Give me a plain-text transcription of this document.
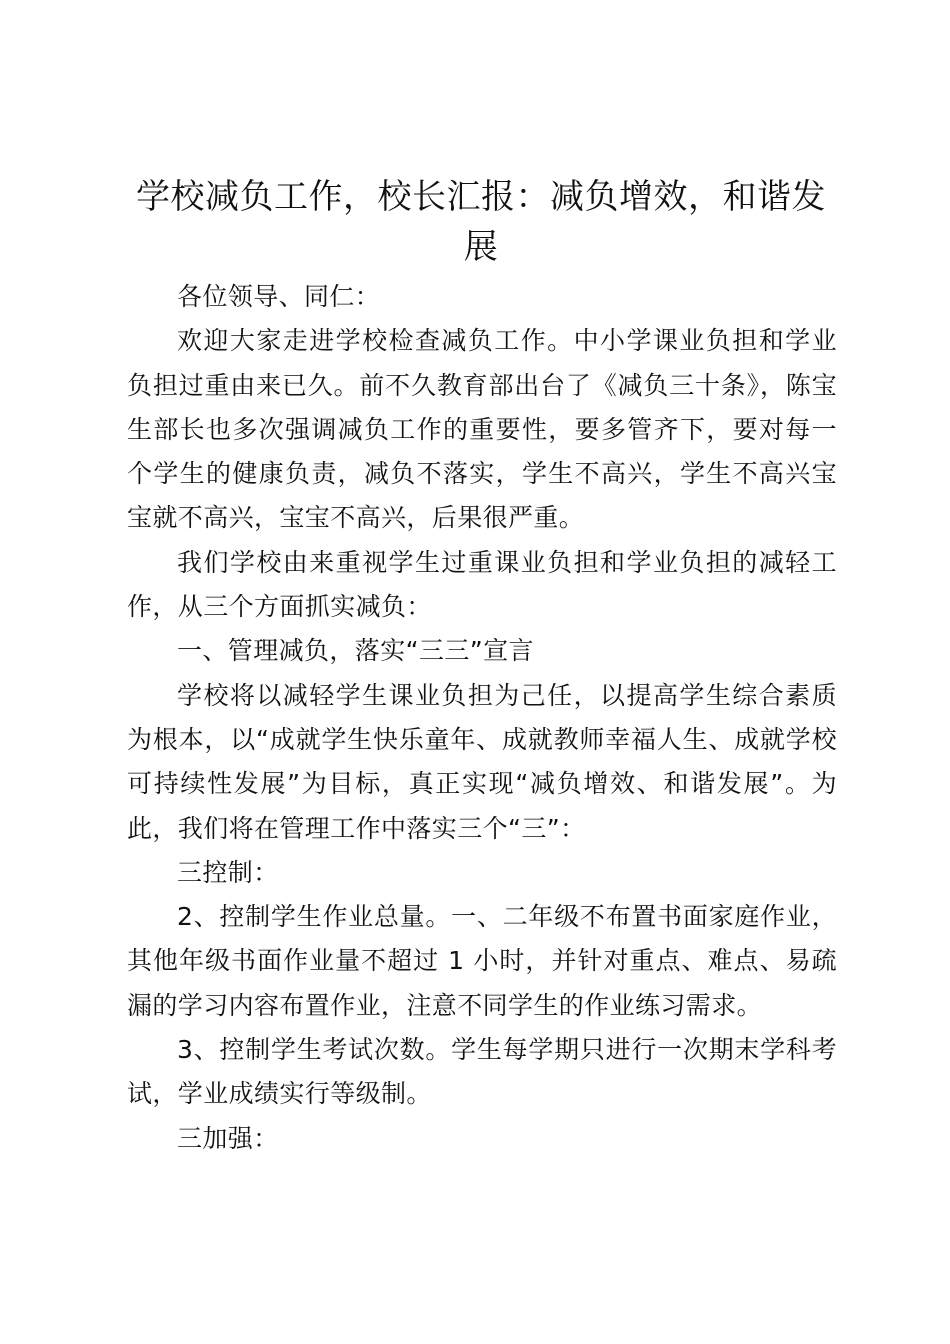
学校减负工作，校长汇报：减负增效，和谐发展

各位领导、同仁：

欢迎大家走进学校检查减负工作。中小学课业负担和学业负担过重由来已久。前不久教育部出台了《减负三十条》，陈宝生部长也多次强调减负工作的重要性，要多管齐下，要对每一个学生的健康负责，减负不落实，学生不高兴，学生不高兴宝宝就不高兴，宝宝不高兴，后果很严重。

我们学校由来重视学生过重课业负担和学业负担的减轻工作，从三个方面抓实减负：

一、管理减负，落实“三三”宣言

学校将以减轻学生课业负担为己任，以提高学生综合素质为根本，以“成就学生快乐童年、成就教师幸福人生、成就学校可持续性发展”为目标，真正实现“减负增效、和谐发展”。为此，我们将在管理工作中落实三个“三”：

三控制：

2、控制学生作业总量。一、二年级不布置书面家庭作业，其他年级书面作业量不超过 1 小时，并针对重点、难点、易疏漏的学习内容布置作业，注意不同学生的作业练习需求。

3、控制学生考试次数。学生每学期只进行一次期末学科考试，学业成绩实行等级制。

三加强：
